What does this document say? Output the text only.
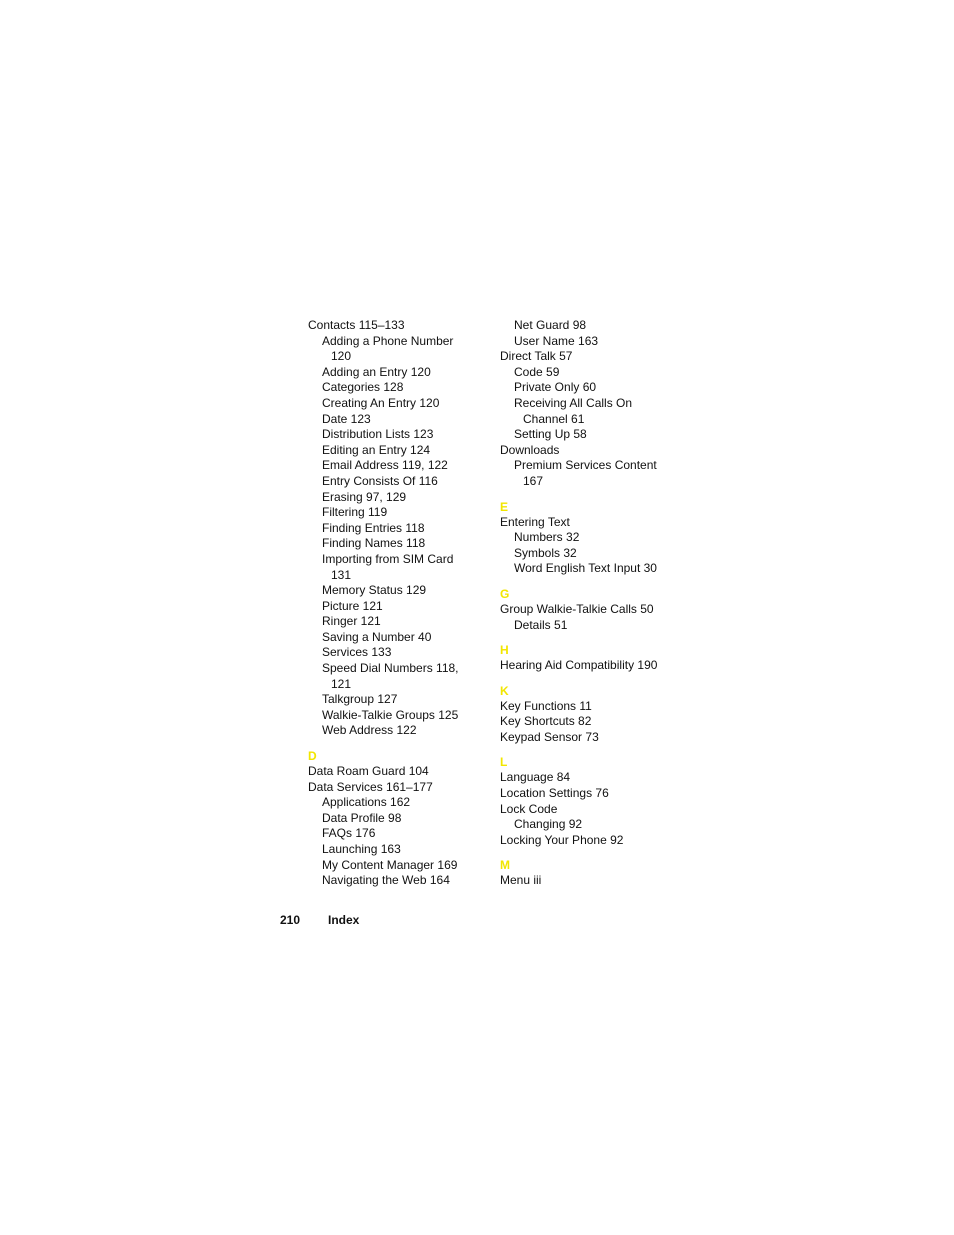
Contacts 115–133
Adding a Phone Number
120
Adding an Entry 120
Categories 128
Creating An Entry 120
Date 123
Distribution Lists 123
Editing an Entry 124
Email Address 119, 122
Entry Consists Of 116
Erasing 97, 129
Filtering 119
Finding Entries 118
Finding Names 118
Importing from SIM Card
131
Memory Status 129
Picture 121
Ringer 121
Saving a Number 40
Services 133
Speed Dial Numbers 118,
121
Talkgroup 127
Walkie-Talkie Groups 125
Web Address 122
D
Data Roam Guard 104
Data Services 161–177
Applications 162
Data Profile 98
FAQs 176
Launching 163
My Content Manager 169
Navigating the Web 164
Net Guard 98
User Name 163
Direct Talk 57
Code 59
Private Only 60
Receiving All Calls On
Channel 61
Setting Up 58
Downloads
Premium Services Content
167
E
Entering Text
Numbers 32
Symbols 32
Word English Text Input 30
G
Group Walkie-Talkie Calls 50
Details 51
H
Hearing Aid Compatibility 190
K
Key Functions 11
Key Shortcuts 82
Keypad Sensor 73
L
Language 84
Location Settings 76
Lock Code
Changing 92
Locking Your Phone 92
M
Menu iii
210 Index
